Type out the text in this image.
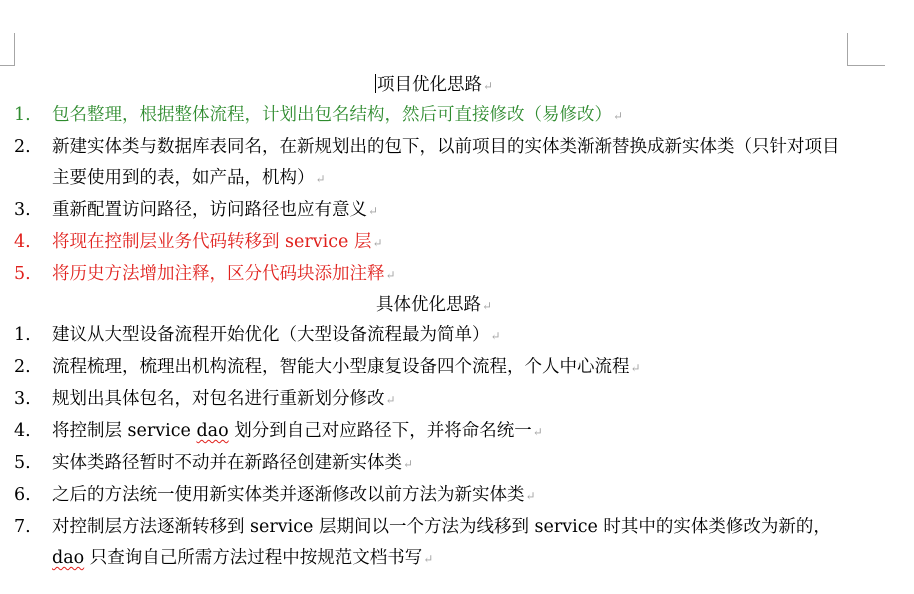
项目优化思路↵
1. 包名整理，根据整体流程，计划出包名结构，然后可直接修改（易修改）↵
2. 新建实体类与数据库表同名，在新规划出的包下，以前项目的实体类渐渐替换成新实体类（只针对项目主要使用到的表，如产品，机构）↵
3. 重新配置访问路径，访问路径也应有意义↵
4. 将现在控制层业务代码转移到 service 层↵
5. 将历史方法增加注释，区分代码块添加注释↵
具体优化思路↵
1. 建议从大型设备流程开始优化（大型设备流程最为简单）↵
2. 流程梳理，梳理出机构流程，智能大小型康复设备四个流程，个人中心流程↵
3. 规划出具体包名，对包名进行重新划分修改↵
4. 将控制层 service dao 划分到自己对应路径下，并将命名统一↵
5. 实体类路径暂时不动并在新路径创建新实体类↵
6. 之后的方法统一使用新实体类并逐渐修改以前方法为新实体类↵
7. 对控制层方法逐渐转移到 service 层期间以一个方法为线移到 service 时其中的实体类修改为新的，dao 只查询自己所需方法过程中按规范文档书写↵
